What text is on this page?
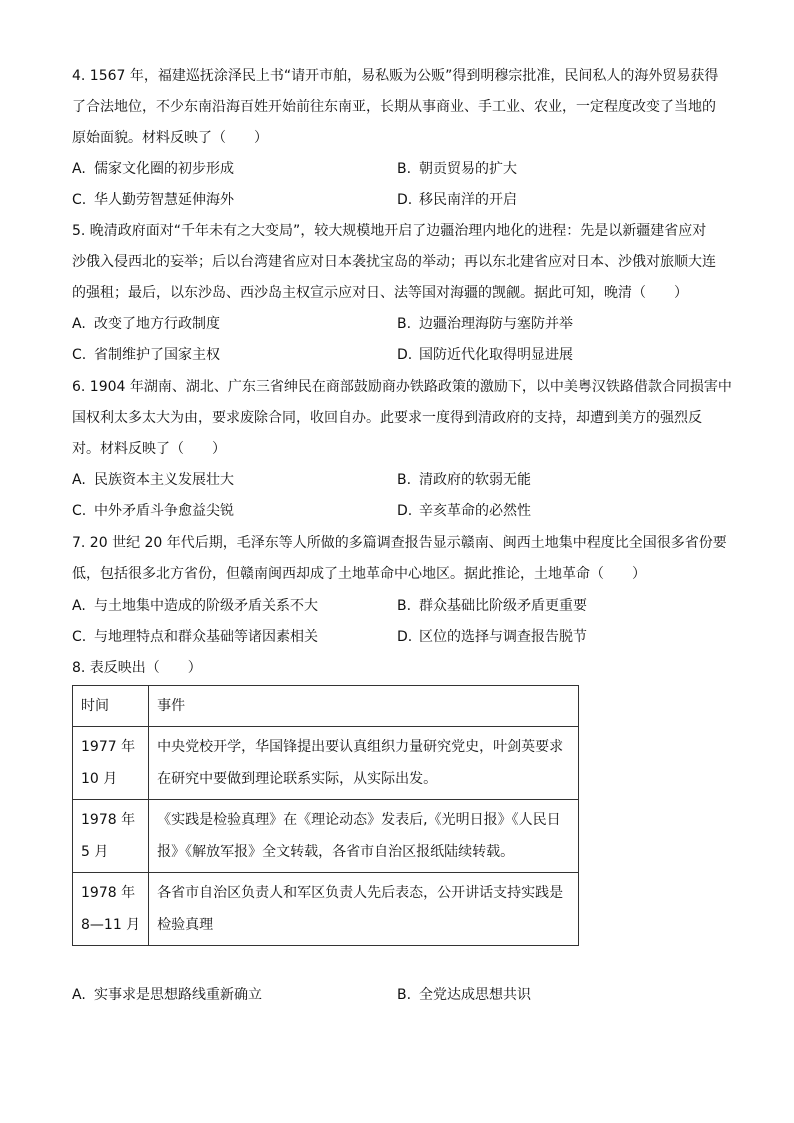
4. 1567 年，福建巡抚涂泽民上书“请开市舶，易私贩为公贩”得到明穆宗批准，民间私人的海外贸易获得
了合法地位，不少东南沿海百姓开始前往东南亚，长期从事商业、手工业、农业，一定程度改变了当地的
原始面貌。材料反映了（　　）
A. 儒家文化圈的初步形成	B. 朝贡贸易的扩大
C. 华人勤劳智慧延伸海外	D. 移民南洋的开启
5. 晚清政府面对“千年未有之大变局”，较大规模地开启了边疆治理内地化的进程：先是以新疆建省应对
沙俄入侵西北的妄举；后以台湾建省应对日本袭扰宝岛的举动；再以东北建省应对日本、沙俄对旅顺大连
的强租；最后，以东沙岛、西沙岛主权宣示应对日、法等国对海疆的觊觎。据此可知，晚清（　　）
A. 改变了地方行政制度	B. 边疆治理海防与塞防并举
C. 省制维护了国家主权	D. 国防近代化取得明显进展
6. 1904 年湖南、湖北、广东三省绅民在商部鼓励商办铁路政策的激励下，以中美粤汉铁路借款合同损害中
国权利太多太大为由，要求废除合同，收回自办。此要求一度得到清政府的支持，却遭到美方的强烈反
对。材料反映了（　　）
A. 民族资本主义发展壮大	B. 清政府的软弱无能
C. 中外矛盾斗争愈益尖锐	D. 辛亥革命的必然性
7. 20 世纪 20 年代后期，毛泽东等人所做的多篇调查报告显示赣南、闽西土地集中程度比全国很多省份要
低，包括很多北方省份，但赣南闽西却成了土地革命中心地区。据此推论，土地革命（　　）
A. 与土地集中造成的阶级矛盾关系不大	B. 群众基础比阶级矛盾更重要
C. 与地理特点和群众基础等诸因素相关	D. 区位的选择与调查报告脱节
8. 表反映出（　　）
时间	事件

1977 年
10 月	中央党校开学，华国锋提出要认真组织力量研究党史，叶剑英要求
在研究中要做到理论联系实际，从实际出发。

1978 年
5 月	《实践是检验真理》在《理论动态》发表后,《光明日报》《人民日
报》《解放军报》全文转载，各省市自治区报纸陆续转载。

1978 年
8—11 月	各省市自治区负责人和军区负责人先后表态，公开讲话支持实践是
检验真理
A. 实事求是思想路线重新确立	B. 全党达成思想共识
